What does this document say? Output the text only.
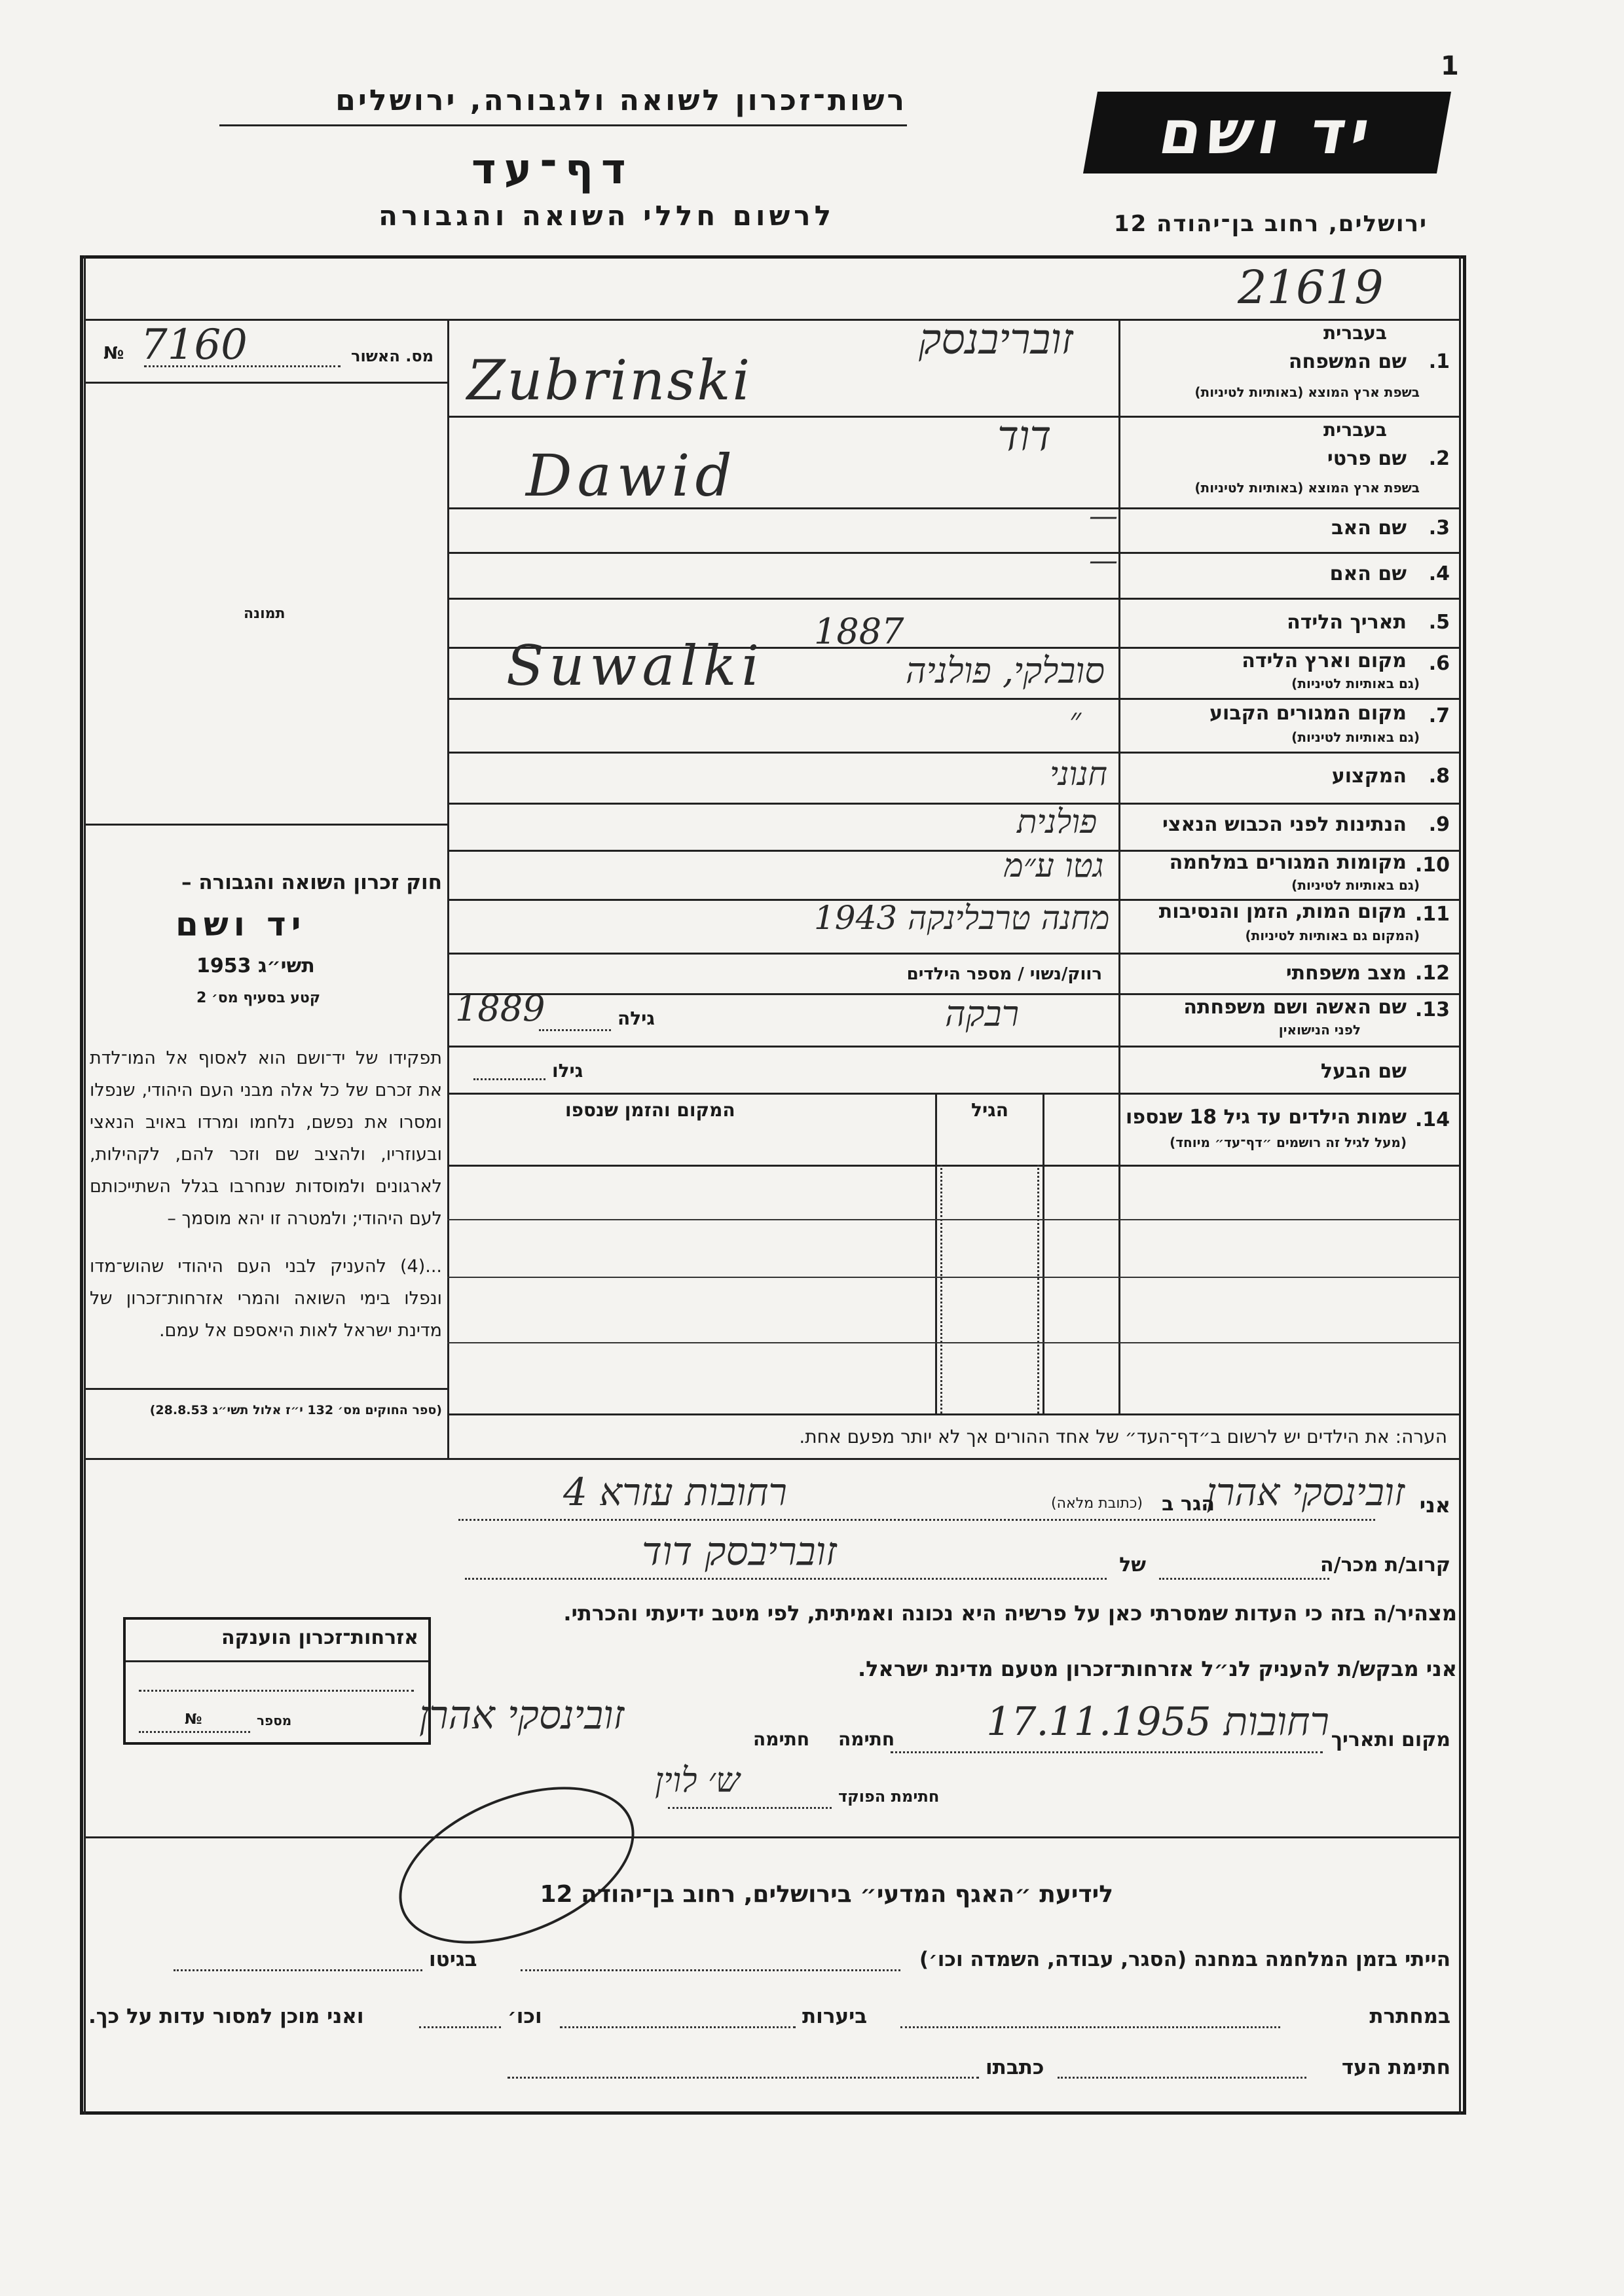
רשות־זכרון לשואה ולגבורה, ירושלים
דף־עד
לרשום חללי השואה והגבורה
1
יד ושם
ירושלים, רחוב בן־יהודה 12
21619
№ 7160	מס. האשור
תמונה
חוק זכרון השואה והגבורה –
יד ושם
תשי״ג 1953
קטע בסעיף מס׳ 2
תפקידו של יד־ושם הוא לאסוף אל המו־לדת את זכרם של כל אלה מבני העם היהודי, שנפלו ומסרו את נפשם, נלחמו ומרדו באויב הנאצי ובעוזריו, ולהציב שם וזכר להם, לקהילות, לארגונים ולמוסדות שנחרבו בגלל השתייכותם לעם היהודי; ולמטרה זו יהא מוסמך –
...(4) להעניק לבני העם היהודי שהוש־מדו ונפלו בימי השואה והמרי אזרחות־זכרון של מדינת ישראל לאות היאספם אל עמם.
(ספר החוקים מס׳ 132 י״ז אלול תשי״ג 28.8.53)
בעברית
1.
שם המשפחה
בשפת ארץ המוצא (באותיות לטיניות)
זובריבנסק
Zubrinski
בעברית
2.
שם פרטי
בשפת ארץ המוצא (באותיות לטיניות)
דוד
Dawid
3.
שם האב
—
4.
שם האם
—
5.
תאריך הלידה
6.
מקום וארץ הלידה
(גם באותיות לטיניות)
Suwalki	סובלקי, פולניה
1887
7.
מקום המגורים הקבוע
(גם באותיות לטיניות)
״
8.
המקצוע
חנוני
9.
הנתינות לפני הכבוש הנאצי
פולנית
10.
מקומות המגורים במלחמה
(גם באותיות לטיניות)
גטו ע״מ
11.
מקום המות, הזמן והנסיבות
(המקום גם באותיות לטיניות)
מחנה טרבלינקה 1943
12.
מצב משפחתי
רווק/נשוי / מספר הילדים
13.
שם האשה ושם משפחתה
לפני הנישואין
רבקה
גילה
1889
שם הבעל
גילו
14.
שמות הילדים עד גיל 18 שנספו
(מעל לגיל זה רושמים ״דף־עד״ מיוחד)
הגיל
המקום והזמן שנספו
הערה: את הילדים יש לרשום ב״דף־העד״ של אחד ההורים אך לא יותר מפעם אחת.
אני
זובינסקי אהרן
הגר ב
(כתובת מלאה)
רחובות עזרא 4
קרוב/ת מכר/ה
של
זובריבסק דוד
מצהיר/ה בזה כי העדות שמסרתי כאן על פרשיה היא נכונה ואמיתית, לפי מיטב ידיעתי והכרתי.
אני מבקש/ת להעניק לנ״ל אזרחות־זכרון מטעם מדינת ישראל.
מקום ותאריך
רחובות 17.11.1955
חתימה
חתימה
זובינסקי אהרן
חתימת הפוקד
ש׳ לוין
אזרחות־זכרון הוענקה
מספר
№
לידיעת ״האגף המדעי״ בירושלים, רחוב בן־יהודה 12
הייתי בזמן המלחמה במחנה (הסגר, עבודה, השמדה וכו׳)
בגיטו
במחתרת
ביערות
וכו׳
ואני מוכן למסור עדות על כך.
חתימת העד
כתבתו
